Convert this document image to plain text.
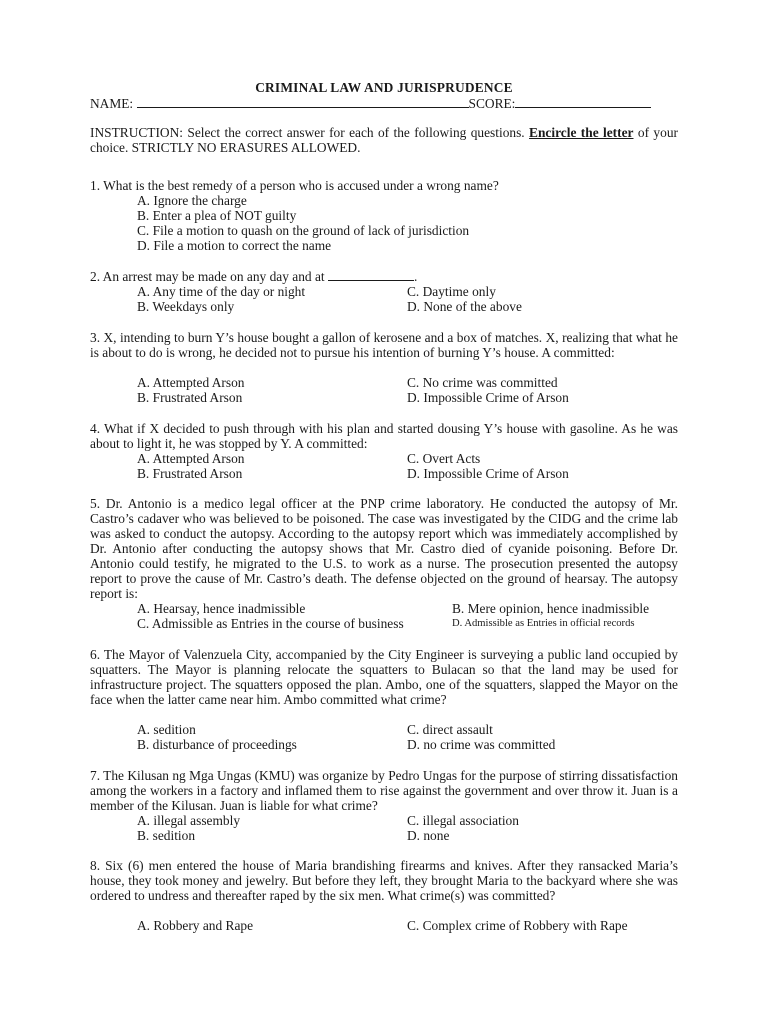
CRIMINAL LAW AND JURISPRUDENCE
NAME:	SCORE:
INSTRUCTION: Select the correct answer for each of the following questions. Encircle the letter of your choice. STRICTLY NO ERASURES ALLOWED.
1. What is the best remedy of a person who is accused under a wrong name?
A. Ignore the charge
B. Enter a plea of NOT guilty
C. File a motion to quash on the ground of lack of jurisdiction
D. File a motion to correct the name
2. An arrest may be made on any day and at	.
A. Any time of the day or night	C. Daytime only
B. Weekdays only	D. None of the above
3. X, intending to burn Y’s house bought a gallon of kerosene and a box of matches. X, realizing that what he is about to do is wrong, he decided not to pursue his intention of burning Y’s house. A committed:
A. Attempted Arson	C. No crime was committed
B. Frustrated Arson	D. Impossible Crime of Arson
4. What if X decided to push through with his plan and started dousing Y’s house with gasoline. As he was about to light it, he was stopped by Y. A committed:
A. Attempted Arson	C. Overt Acts
B. Frustrated Arson	D. Impossible Crime of Arson
5. Dr. Antonio is a medico legal officer at the PNP crime laboratory. He conducted the autopsy of Mr. Castro’s cadaver who was believed to be poisoned. The case was investigated by the CIDG and the crime lab was asked to conduct the autopsy. According to the autopsy report which was immediately accomplished by Dr. Antonio after conducting the autopsy shows that Mr. Castro died of cyanide poisoning. Before Dr. Antonio could testify, he migrated to the U.S. to work as a nurse. The prosecution presented the autopsy report to prove the cause of Mr. Castro’s death. The defense objected on the ground of hearsay. The autopsy report is:
A. Hearsay, hence inadmissible	B. Mere opinion, hence inadmissible
C. Admissible as Entries in the course of business	D. Admissible as Entries in official records
6. The Mayor of Valenzuela City, accompanied by the City Engineer is surveying a public land occupied by squatters. The Mayor is planning relocate the squatters to Bulacan so that the land may be used for infrastructure project. The squatters opposed the plan. Ambo, one of the squatters, slapped the Mayor on the face when the latter came near him. Ambo committed what crime?
A. sedition	C. direct assault
B. disturbance of proceedings	D. no crime was committed
7. The Kilusan ng Mga Ungas (KMU) was organize by Pedro Ungas for the purpose of stirring dissatisfaction among the workers in a factory and inflamed them to rise against the government and over throw it. Juan is a member of the Kilusan. Juan is liable for what crime?
A. illegal assembly	C. illegal association
B. sedition	D. none
8. Six (6) men entered the house of Maria brandishing firearms and knives. After they ransacked Maria’s house, they took money and jewelry. But before they left, they brought Maria to the backyard where she was ordered to undress and thereafter raped by the six men. What crime(s) was committed?
A. Robbery and Rape	C. Complex crime of Robbery with Rape
